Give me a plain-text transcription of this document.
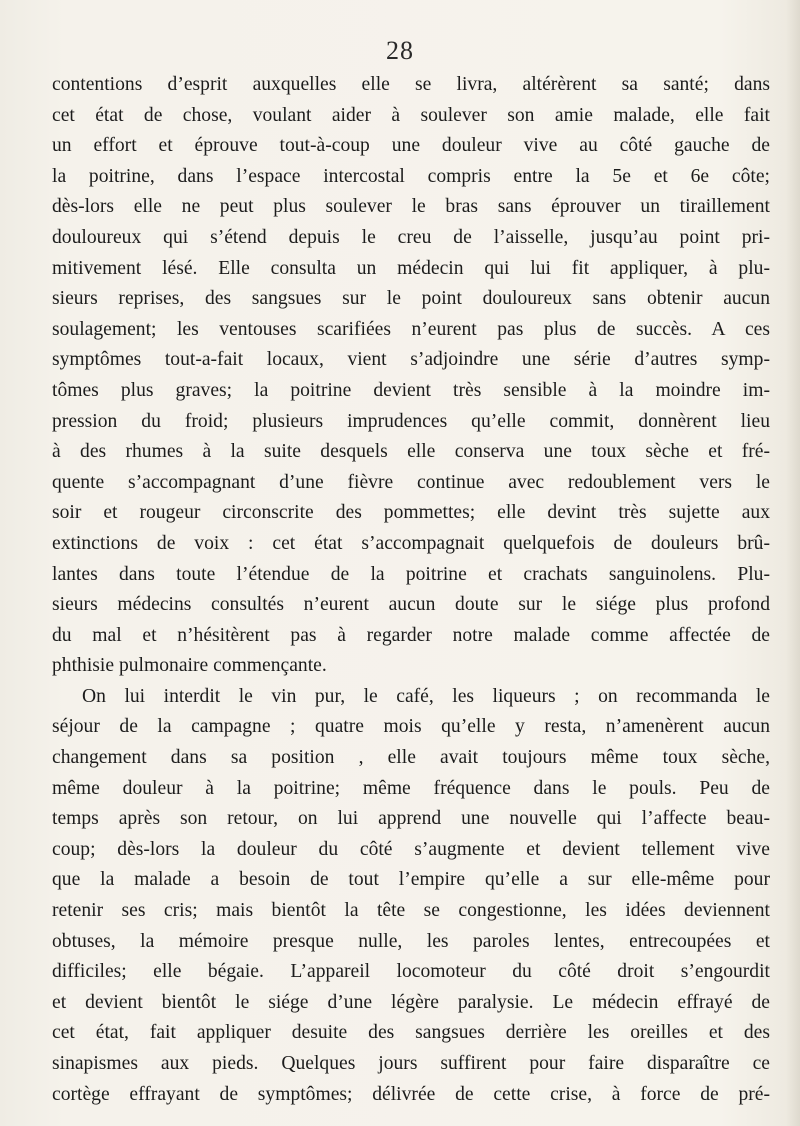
28
contentions d’esprit auxquelles elle se livra, altérèrent sa santé; dans
cet état de chose, voulant aider à soulever son amie malade, elle fait
un effort et éprouve tout-à-coup une douleur vive au côté gauche de
la poitrine, dans l’espace intercostal compris entre la 5e et 6e côte;
dès-lors elle ne peut plus soulever le bras sans éprouver un tiraillement
douloureux qui s’étend depuis le creu de l’aisselle, jusqu’au point pri-
mitivement lésé. Elle consulta un médecin qui lui fit appliquer, à plu-
sieurs reprises, des sangsues sur le point douloureux sans obtenir aucun
soulagement; les ventouses scarifiées n’eurent pas plus de succès. A ces
symptômes tout-a-fait locaux, vient s’adjoindre une série d’autres symp-
tômes plus graves; la poitrine devient très sensible à la moindre im-
pression du froid; plusieurs imprudences qu’elle commit, donnèrent lieu
à des rhumes à la suite desquels elle conserva une toux sèche et fré-
quente s’accompagnant d’une fièvre continue avec redoublement vers le
soir et rougeur circonscrite des pommettes; elle devint très sujette aux
extinctions de voix : cet état s’accompagnait quelquefois de douleurs brû-
lantes dans toute l’étendue de la poitrine et crachats sanguinolens. Plu-
sieurs médecins consultés n’eurent aucun doute sur le siége plus profond
du mal et n’hésitèrent pas à regarder notre malade comme affectée de
phthisie pulmonaire commençante.
On lui interdit le vin pur, le café, les liqueurs ; on recommanda le
séjour de la campagne ; quatre mois qu’elle y resta, n’amenèrent aucun
changement dans sa position , elle avait toujours même toux sèche,
même douleur à la poitrine; même fréquence dans le pouls. Peu de
temps après son retour, on lui apprend une nouvelle qui l’affecte beau-
coup; dès-lors la douleur du côté s’augmente et devient tellement vive
que la malade a besoin de tout l’empire qu’elle a sur elle-même pour
retenir ses cris; mais bientôt la tête se congestionne, les idées deviennent
obtuses, la mémoire presque nulle, les paroles lentes, entrecoupées et
difficiles; elle bégaie. L’appareil locomoteur du côté droit s’engourdit
et devient bientôt le siége d’une légère paralysie. Le médecin effrayé de
cet état, fait appliquer desuite des sangsues derrière les oreilles et des
sinapismes aux pieds. Quelques jours suffirent pour faire disparaître ce
cortège effrayant de symptômes; délivrée de cette crise, à force de pré-
